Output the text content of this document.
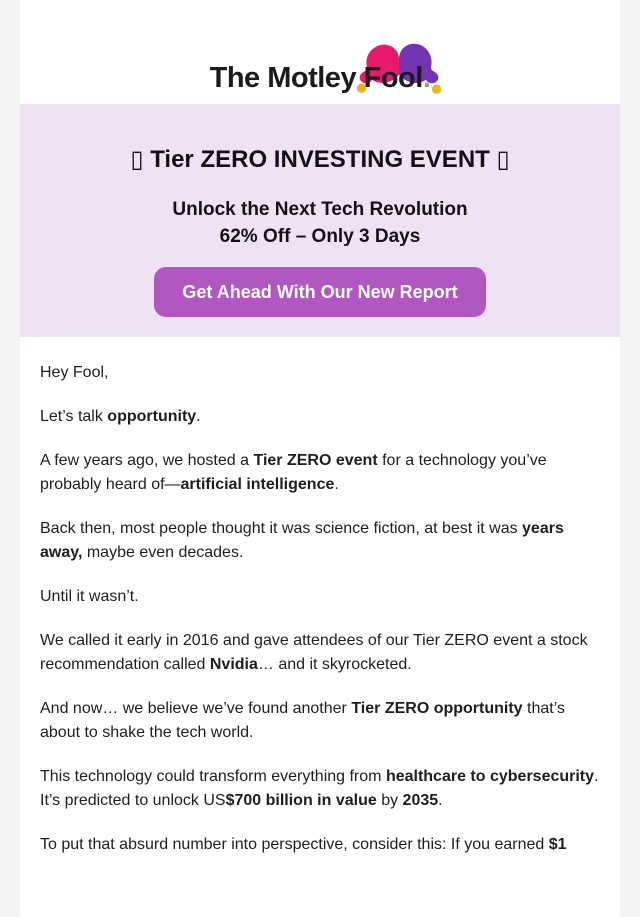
The Motley Fool.
▯ Tier ZERO INVESTING EVENT ▯
Unlock the Next Tech Revolution
62% Off – Only 3 Days
Get Ahead With Our New Report

Hey Fool,

Let’s talk opportunity.

A few years ago, we hosted a Tier ZERO event for a technology you’ve probably heard of—artificial intelligence.

Back then, most people thought it was science fiction, at best it was years away, maybe even decades.

Until it wasn’t.

We called it early in 2016 and gave attendees of our Tier ZERO event a stock recommendation called Nvidia… and it skyrocketed.

And now… we believe we’ve found another Tier ZERO opportunity that’s about to shake the tech world.

This technology could transform everything from healthcare to cybersecurity. It’s predicted to unlock US$700 billion in value by 2035.

To put that absurd number into perspective, consider this: If you earned $1
